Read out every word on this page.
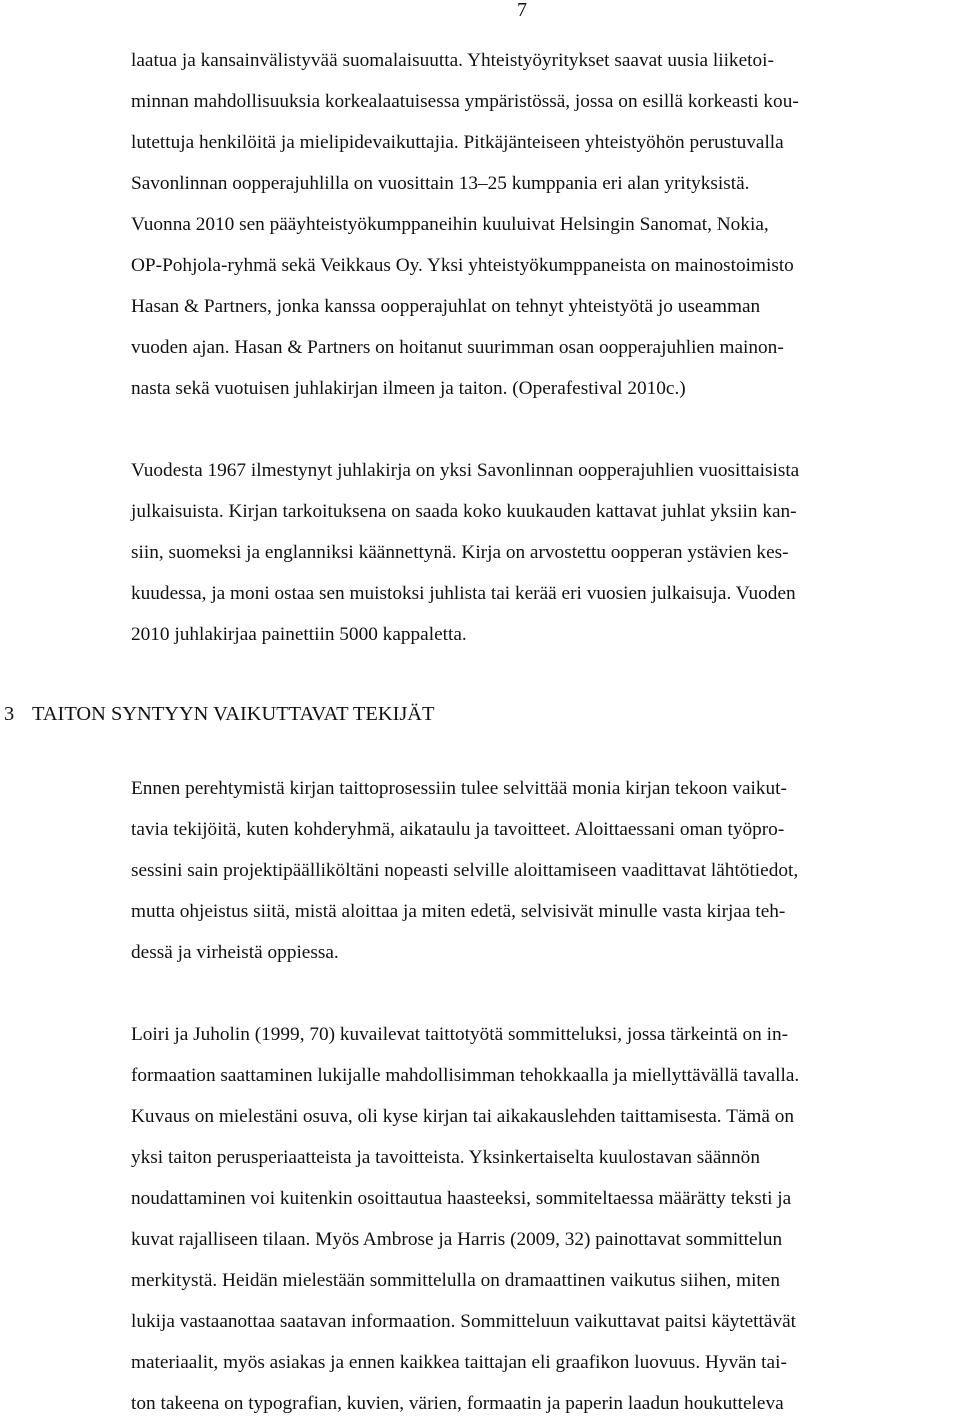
7

laatua ja kansainvälistyvää suomalaisuutta. Yhteistyöyritykset saavat uusia liiketoi-

minnan mahdollisuuksia korkealaatuisessa ympäristössä, jossa on esillä korkeasti kou-

lutettuja henkilöitä ja mielipidevaikuttajia. Pitkäjänteiseen yhteistyöhön perustuvalla

Savonlinnan oopperajuhlilla on vuosittain 13–25 kumppania eri alan yrityksistä.

Vuonna 2010 sen pääyhteistyökumppaneihin kuuluivat Helsingin Sanomat, Nokia,

OP-Pohjola-ryhmä sekä Veikkaus Oy. Yksi yhteistyökumppaneista on mainostoimisto

Hasan & Partners, jonka kanssa oopperajuhlat on tehnyt yhteistyötä jo useamman

vuoden ajan. Hasan & Partners on hoitanut suurimman osan oopperajuhlien mainon-

nasta sekä vuotuisen juhlakirjan ilmeen ja taiton. (Operafestival 2010c.)

Vuodesta 1967 ilmestynyt juhlakirja on yksi Savonlinnan oopperajuhlien vuosittaisista

julkaisuista. Kirjan tarkoituksena on saada koko kuukauden kattavat juhlat yksiin kan-

siin, suomeksi ja englanniksi käännettynä. Kirja on arvostettu oopperan ystävien kes-

kuudessa, ja moni ostaa sen muistoksi juhlista tai kerää eri vuosien julkaisuja. Vuoden

2010 juhlakirjaa painettiin 5000 kappaletta.

3 TAITON SYNTYYN VAIKUTTAVAT TEKIJÄT

Ennen perehtymistä kirjan taittoprosessiin tulee selvittää monia kirjan tekoon vaikut-

tavia tekijöitä, kuten kohderyhmä, aikataulu ja tavoitteet. Aloittaessani oman työpro-

sessini sain projektipäälliköltäni nopeasti selville aloittamiseen vaadittavat lähtötiedot,

mutta ohjeistus siitä, mistä aloittaa ja miten edetä, selvisivät minulle vasta kirjaa teh-

dessä ja virheistä oppiessa.

Loiri ja Juholin (1999, 70) kuvailevat taittotyötä sommitteluksi, jossa tärkeintä on in-

formaation saattaminen lukijalle mahdollisimman tehokkaalla ja miellyttävällä tavalla.

Kuvaus on mielestäni osuva, oli kyse kirjan tai aikakauslehden taittamisesta. Tämä on

yksi taiton perusperiaatteista ja tavoitteista. Yksinkertaiselta kuulostavan säännön

noudattaminen voi kuitenkin osoittautua haasteeksi, sommiteltaessa määrätty teksti ja

kuvat rajalliseen tilaan. Myös Ambrose ja Harris (2009, 32) painottavat sommittelun

merkitystä. Heidän mielestään sommittelulla on dramaattinen vaikutus siihen, miten

lukija vastaanottaa saatavan informaation. Sommitteluun vaikuttavat paitsi käytettävät

materiaalit, myös asiakas ja ennen kaikkea taittajan eli graafikon luovuus. Hyvän tai-

ton takeena on typografian, kuvien, värien, formaatin ja paperin laadun houkutteleva
